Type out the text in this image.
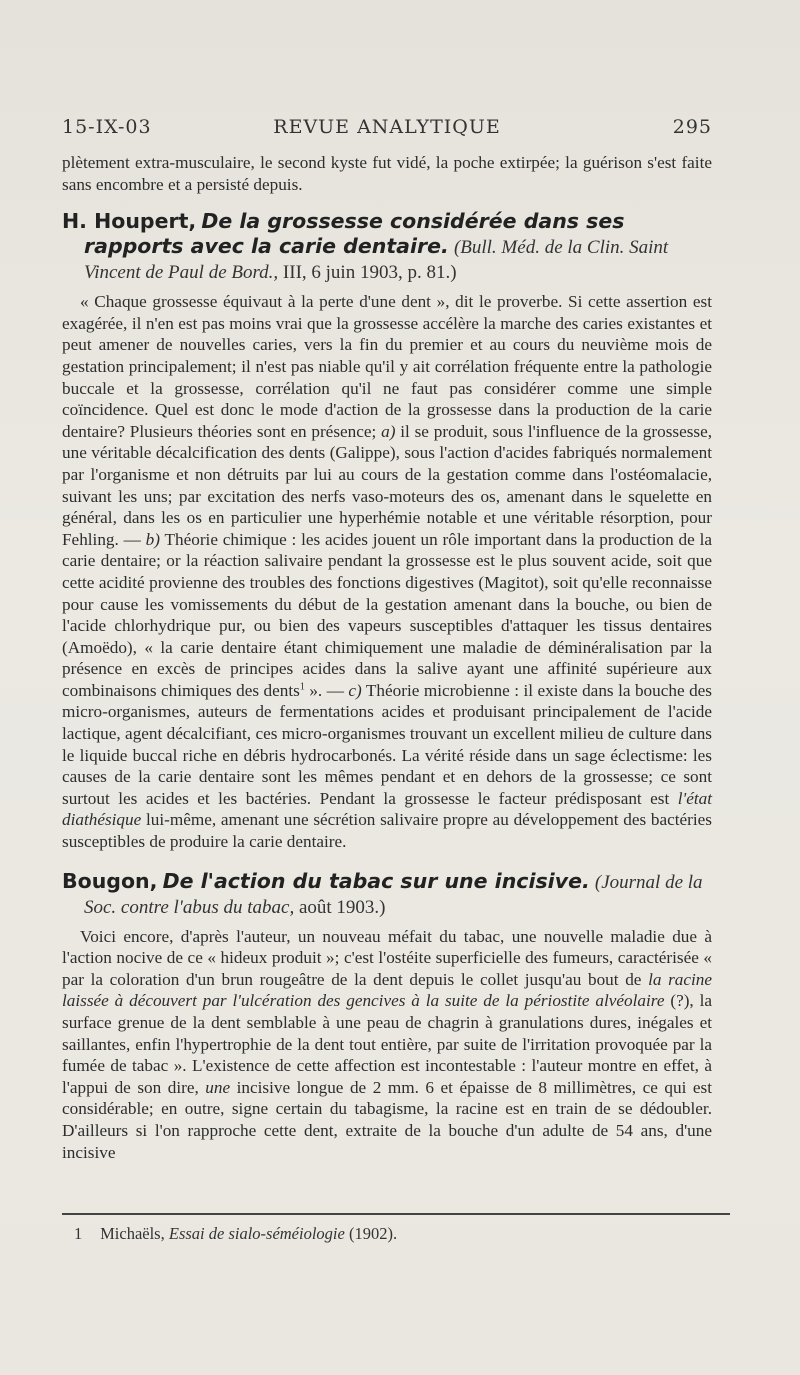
15-IX-03	REVUE ANALYTIQUE	295

plètement extra-musculaire, le second kyste fut vidé, la poche extirpée; la guérison s'est faite sans encombre et a persisté depuis.

H. Houpert, De la grossesse considérée dans ses rapports avec la carie dentaire. (Bull. Méd. de la Clin. Saint Vincent de Paul de Bord., III, 6 juin 1903, p. 81.)

« Chaque grossesse équivaut à la perte d'une dent », dit le proverbe. Si cette assertion est exagérée, il n'en est pas moins vrai que la grossesse accélère la marche des caries existantes et peut amener de nouvelles caries, vers la fin du premier et au cours du neuvième mois de gestation principalement; il n'est pas niable qu'il y ait corrélation fréquente entre la pathologie buccale et la grossesse, corrélation qu'il ne faut pas considérer comme une simple coïncidence. Quel est donc le mode d'action de la grossesse dans la production de la carie dentaire? Plusieurs théories sont en présence; a) il se produit, sous l'influence de la grossesse, une véritable décalcification des dents (Galippe), sous l'action d'acides fabriqués normalement par l'organisme et non détruits par lui au cours de la gestation comme dans l'ostéomalacie, suivant les uns; par excitation des nerfs vaso-moteurs des os, amenant dans le squelette en général, dans les os en particulier une hyperhémie notable et une véritable résorption, pour Fehling. — b) Théorie chimique : les acides jouent un rôle important dans la production de la carie dentaire; or la réaction salivaire pendant la grossesse est le plus souvent acide, soit que cette acidité provienne des troubles des fonctions digestives (Magitot), soit qu'elle reconnaisse pour cause les vomissements du début de la gestation amenant dans la bouche, ou bien de l'acide chlorhydrique pur, ou bien des vapeurs susceptibles d'attaquer les tissus dentaires (Amoëdo), « la carie dentaire étant chimiquement une maladie de déminéralisation par la présence en excès de principes acides dans la salive ayant une affinité supérieure aux combinaisons chimiques des dents$^1$ ». — c) Théorie microbienne : il existe dans la bouche des micro-organismes, auteurs de fermentations acides et produisant principalement de l'acide lactique, agent décalcifiant, ces micro-organismes trouvant un excellent milieu de culture dans le liquide buccal riche en débris hydrocarbonés. La vérité réside dans un sage éclectisme: les causes de la carie dentaire sont les mêmes pendant et en dehors de la grossesse; ce sont surtout les acides et les bactéries. Pendant la grossesse le facteur prédisposant est l'état diathésique lui-même, amenant une sécrétion salivaire propre au développement des bactéries susceptibles de produire la carie dentaire.

Bougon, De l'action du tabac sur une incisive. (Journal de la Soc. contre l'abus du tabac, août 1903.)

Voici encore, d'après l'auteur, un nouveau méfait du tabac, une nouvelle maladie due à l'action nocive de ce « hideux produit »; c'est l'ostéite superficielle des fumeurs, caractérisée « par la coloration d'un brun rougeâtre de la dent depuis le collet jusqu'au bout de la racine laissée à découvert par l'ulcération des gencives à la suite de la périostite alvéolaire (?), la surface grenue de la dent semblable à une peau de chagrin à granulations dures, inégales et saillantes, enfin l'hypertrophie de la dent tout entière, par suite de l'irritation provoquée par la fumée de tabac ». L'existence de cette affection est incontestable : l'auteur montre en effet, à l'appui de son dire, une incisive longue de 2 mm. 6 et épaisse de 8 millimètres, ce qui est considérable; en outre, signe certain du tabagisme, la racine est en train de se dédoubler. D'ailleurs si l'on rapproche cette dent, extraite de la bouche d'un adulte de 54 ans, d'une incisive

1 Michaëls, Essai de sialo-séméiologie (1902).
